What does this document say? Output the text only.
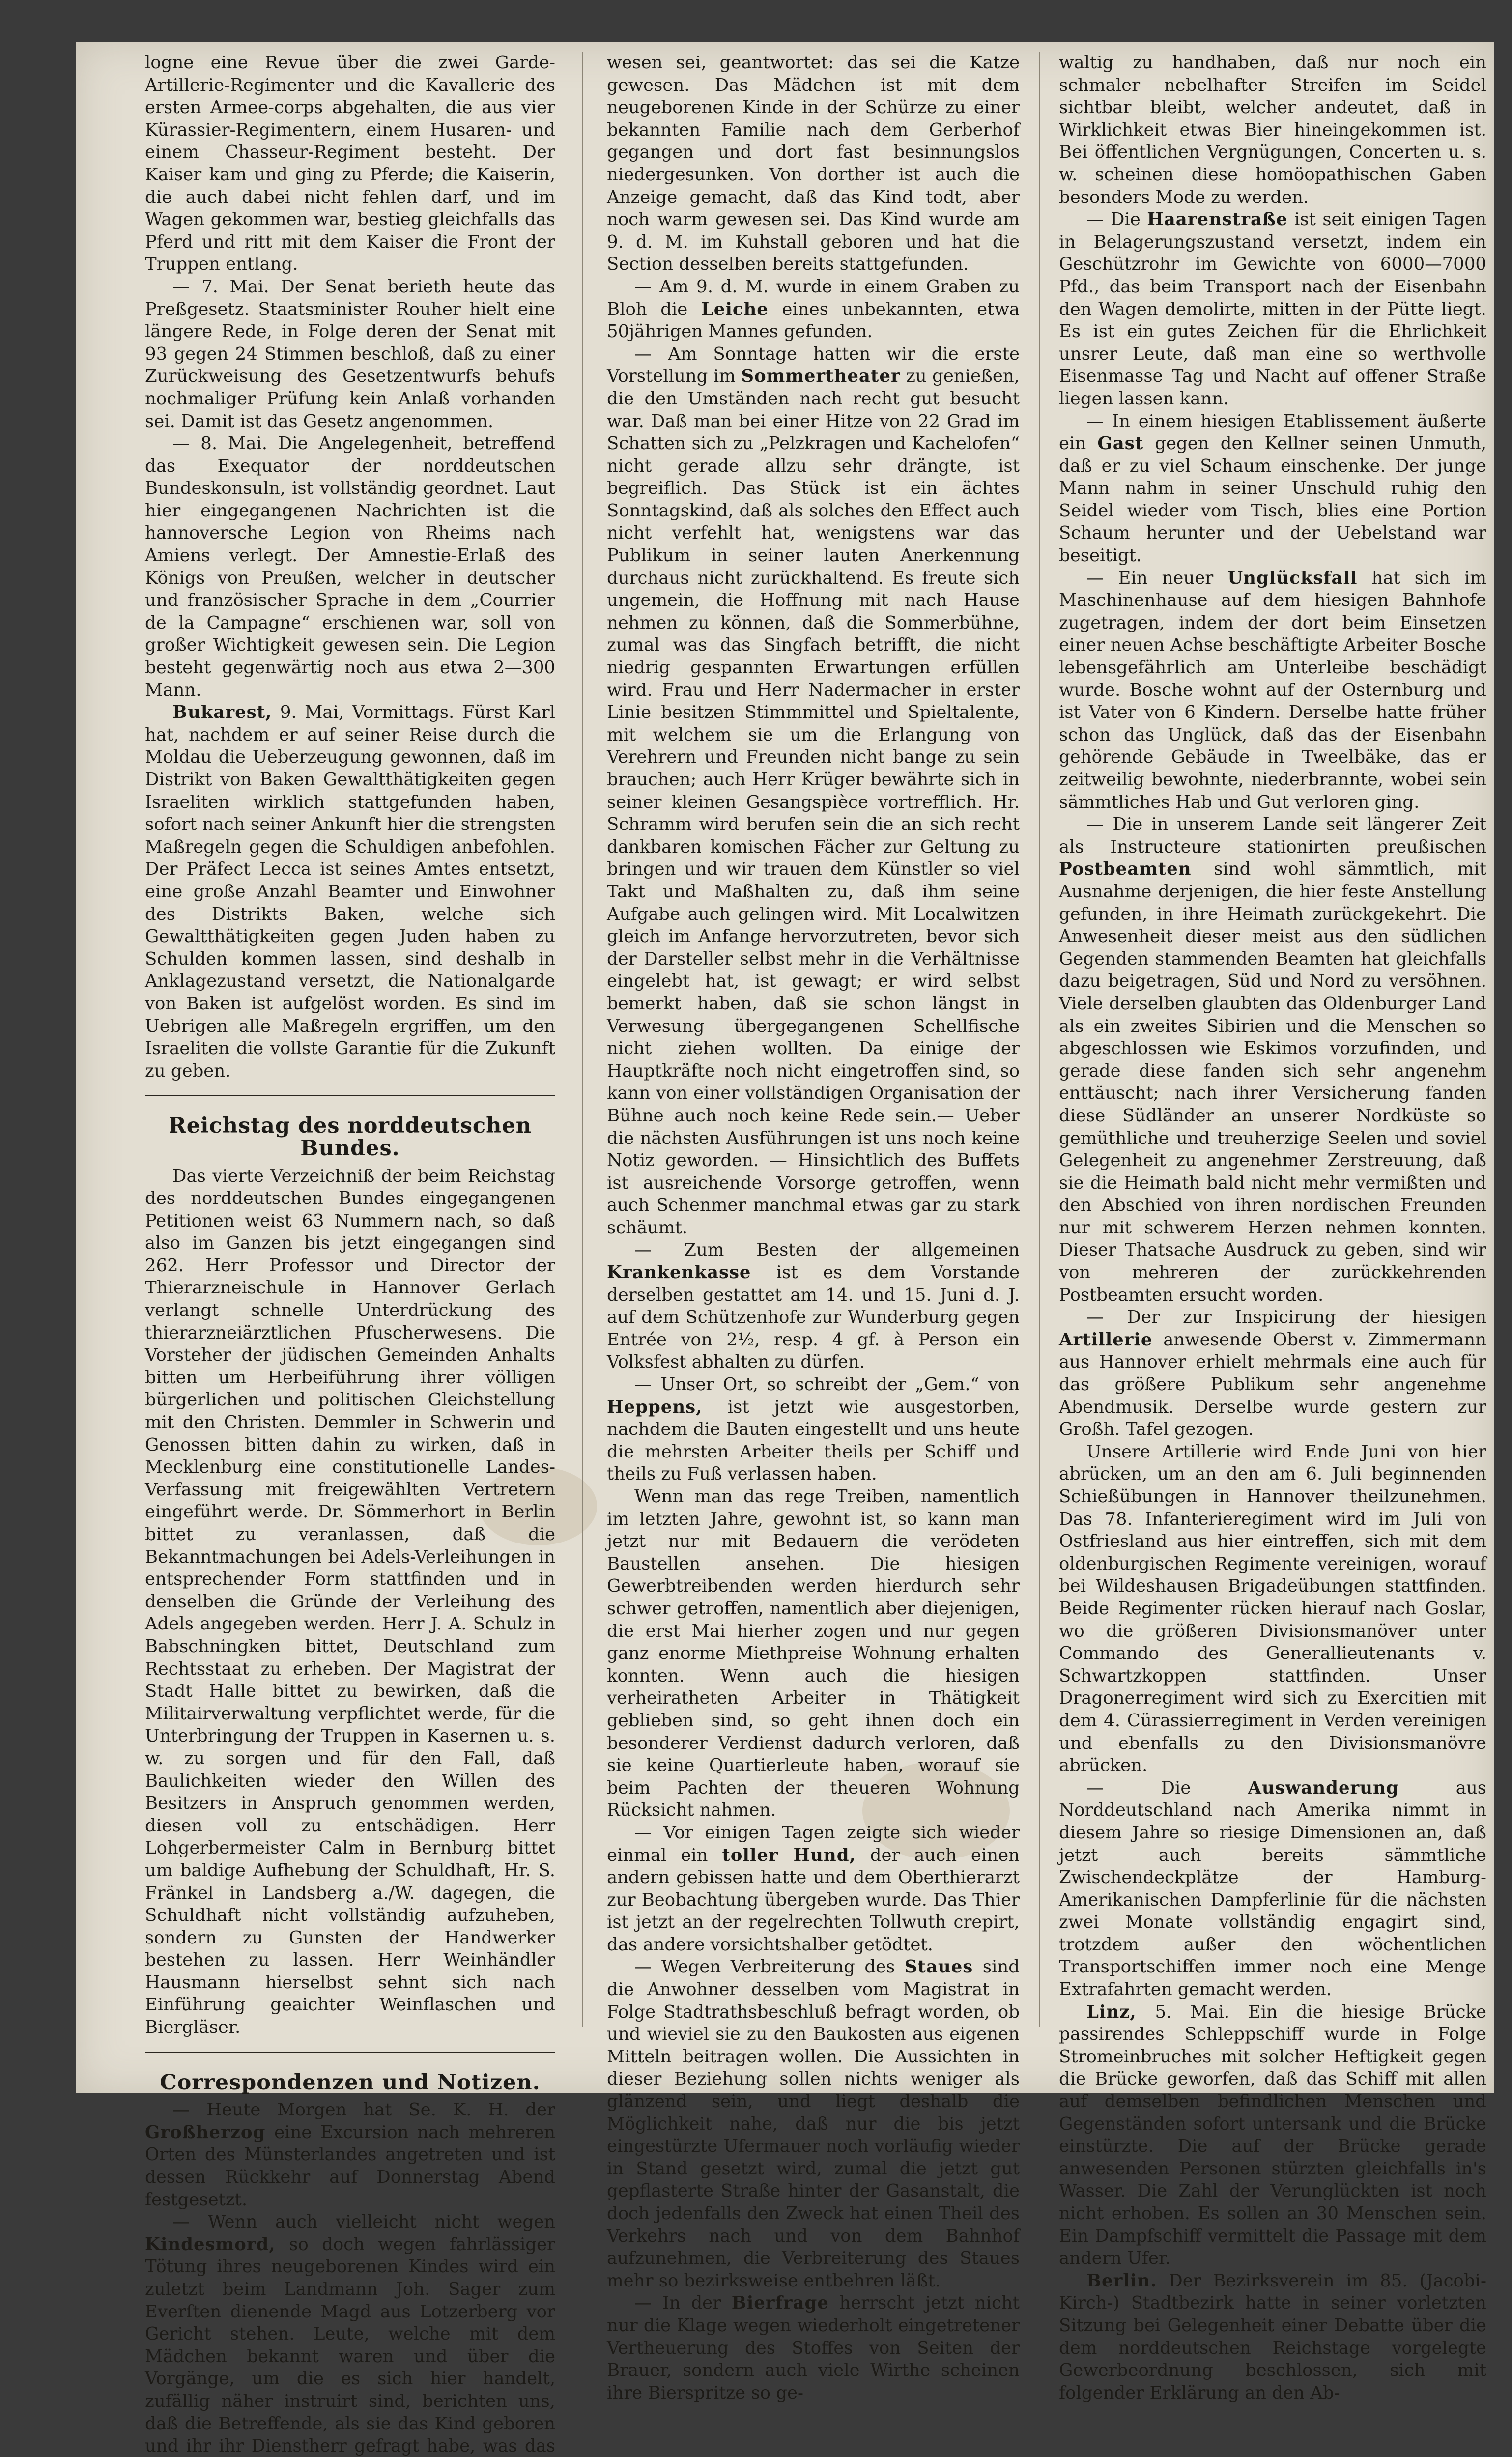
logne eine Revue über die zwei Garde-Artillerie-Regimenter und die Kavallerie des ersten Armee-corps abgehalten, die aus vier Kürassier-Regimentern, einem Husaren- und einem Chasseur-Regiment besteht. Der Kaiser kam und ging zu Pferde; die Kaiserin, die auch dabei nicht fehlen darf, und im Wagen gekommen war, bestieg gleichfalls das Pferd und ritt mit dem Kaiser die Front der Truppen entlang.

— 7. Mai. Der Senat berieth heute das Preßgesetz. Staatsminister Rouher hielt eine längere Rede, in Folge deren der Senat mit 93 gegen 24 Stimmen beschloß, daß zu einer Zurückweisung des Gesetzentwurfs behufs nochmaliger Prüfung kein Anlaß vorhanden sei. Damit ist das Gesetz angenommen.

— 8. Mai. Die Angelegenheit, betreffend das Exequator der norddeutschen Bundeskonsuln, ist vollständig geordnet. Laut hier eingegangenen Nachrichten ist die hannoversche Legion von Rheims nach Amiens verlegt. Der Amnestie-Erlaß des Königs von Preußen, welcher in deutscher und französischer Sprache in dem „Courrier de la Campagne“ erschienen war, soll von großer Wichtigkeit gewesen sein. Die Legion besteht gegenwärtig noch aus etwa 2—300 Mann.

Bukarest, 9. Mai, Vormittags. Fürst Karl hat, nachdem er auf seiner Reise durch die Moldau die Ueberzeugung gewonnen, daß im Distrikt von Baken Gewaltthätigkeiten gegen Israeliten wirklich stattgefunden haben, sofort nach seiner Ankunft hier die strengsten Maßregeln gegen die Schuldigen anbefohlen. Der Präfect Lecca ist seines Amtes entsetzt, eine große Anzahl Beamter und Einwohner des Distrikts Baken, welche sich Gewaltthätigkeiten gegen Juden haben zu Schulden kommen lassen, sind deshalb in Anklagezustand versetzt, die Nationalgarde von Baken ist aufgelöst worden. Es sind im Uebrigen alle Maßregeln ergriffen, um den Israeliten die vollste Garantie für die Zukunft zu geben.

Reichstag des norddeutschen Bundes.

Das vierte Verzeichniß der beim Reichstag des norddeutschen Bundes eingegangenen Petitionen weist 63 Nummern nach, so daß also im Ganzen bis jetzt eingegangen sind 262. Herr Professor und Director der Thierarzneischule in Hannover Gerlach verlangt schnelle Unterdrückung des thierarzneiärztlichen Pfuscherwesens. Die Vorsteher der jüdischen Gemeinden Anhalts bitten um Herbeiführung ihrer völligen bürgerlichen und politischen Gleichstellung mit den Christen. Demmler in Schwerin und Genossen bitten dahin zu wirken, daß in Mecklenburg eine constitutionelle Landes-Verfassung mit freigewählten Vertretern eingeführt werde. Dr. Sömmerhort in Berlin bittet zu veranlassen, daß die Bekanntmachungen bei Adels-Verleihungen in entsprechender Form stattfinden und in denselben die Gründe der Verleihung des Adels angegeben werden. Herr J. A. Schulz in Babschningken bittet, Deutschland zum Rechtsstaat zu erheben. Der Magistrat der Stadt Halle bittet zu bewirken, daß die Militairverwaltung verpflichtet werde, für die Unterbringung der Truppen in Kasernen u. s. w. zu sorgen und für den Fall, daß Baulichkeiten wieder den Willen des Besitzers in Anspruch genommen werden, diesen voll zu entschädigen. Herr Lohgerbermeister Calm in Bernburg bittet um baldige Aufhebung der Schuldhaft, Hr. S. Fränkel in Landsberg a./W. dagegen, die Schuldhaft nicht vollständig aufzuheben, sondern zu Gunsten der Handwerker bestehen zu lassen. Herr Weinhändler Hausmann hierselbst sehnt sich nach Einführung geaichter Weinflaschen und Biergläser.

Correspondenzen und Notizen.

— Heute Morgen hat Se. K. H. der Großherzog eine Excursion nach mehreren Orten des Münsterlandes angetreten und ist dessen Rückkehr auf Donnerstag Abend festgesetzt.

— Wenn auch vielleicht nicht wegen Kindesmord, so doch wegen fahrlässiger Tötung ihres neugeborenen Kindes wird ein zuletzt beim Landmann Joh. Sager zum Everſten dienende Magd aus Lotzerberg vor Gericht stehen. Leute, welche mit dem Mädchen bekannt waren und über die Vorgänge, um die es sich hier handelt, zufällig näher instruirt sind, berichten uns, daß die Betreffende, als sie das Kind geboren und ihr ihr Dienstherr gefragt habe, was das

wesen sei, geantwortet: das sei die Katze gewesen. Das Mädchen ist mit dem neugeborenen Kinde in der Schürze zu einer bekannten Familie nach dem Gerberhof gegangen und dort fast besinnungslos niedergesunken. Von dorther ist auch die Anzeige gemacht, daß das Kind todt, aber noch warm gewesen sei. Das Kind wurde am 9. d. M. im Kuhstall geboren und hat die Section desselben bereits stattgefunden.

— Am 9. d. M. wurde in einem Graben zu Bloh die Leiche eines unbekannten, etwa 50jährigen Mannes gefunden.

— Am Sonntage hatten wir die erste Vorstellung im Sommertheater zu genießen, die den Umständen nach recht gut besucht war. Daß man bei einer Hitze von 22 Grad im Schatten sich zu „Pelzkragen und Kachelofen“ nicht gerade allzu sehr drängte, ist begreiflich. Das Stück ist ein ächtes Sonntagskind, daß als solches den Effect auch nicht verfehlt hat, wenigstens war das Publikum in seiner lauten Anerkennung durchaus nicht zurückhaltend. Es freute sich ungemein, die Hoffnung mit nach Hause nehmen zu können, daß die Sommerbühne, zumal was das Singfach betrifft, die nicht niedrig gespannten Erwartungen erfüllen wird. Frau und Herr Nadermacher in erster Linie besitzen Stimmmittel und Spieltalente, mit welchem sie um die Erlangung von Verehrern und Freunden nicht bange zu sein brauchen; auch Herr Krüger bewährte sich in seiner kleinen Gesangspièce vortrefflich. Hr. Schramm wird berufen sein die an sich recht dankbaren komischen Fächer zur Geltung zu bringen und wir trauen dem Künstler so viel Takt und Maßhalten zu, daß ihm seine Aufgabe auch gelingen wird. Mit Localwitzen gleich im Anfange hervorzutreten, bevor sich der Darsteller selbst mehr in die Verhältnisse eingelebt hat, ist gewagt; er wird selbst bemerkt haben, daß sie schon längst in Verwesung übergegangenen Schellfische nicht ziehen wollten. Da einige der Hauptkräfte noch nicht eingetroffen sind, so kann von einer vollständigen Organisation der Bühne auch noch keine Rede sein.— Ueber die nächsten Ausführungen ist uns noch keine Notiz geworden. — Hinsichtlich des Buffets ist ausreichende Vorsorge getroffen, wenn auch Schenmer manchmal etwas gar zu stark schäumt.

— Zum Besten der allgemeinen Krankenkasse ist es dem Vorstande derselben gestattet am 14. und 15. Juni d. J. auf dem Schützenhofe zur Wunderburg gegen Entrée von 2½, resp. 4 gf. à Person ein Volksfest abhalten zu dürfen.

— Unser Ort, so schreibt der „Gem.“ von Heppens, ist jetzt wie ausgestorben, nachdem die Bauten eingestellt und uns heute die mehrsten Arbeiter theils per Schiff und theils zu Fuß verlassen haben.

Wenn man das rege Treiben, namentlich im letzten Jahre, gewohnt ist, so kann man jetzt nur mit Bedauern die verödeten Baustellen ansehen. Die hiesigen Gewerbtreibenden werden hierdurch sehr schwer getroffen, namentlich aber diejenigen, die erst Mai hierher zogen und nur gegen ganz enorme Miethpreise Wohnung erhalten konnten. Wenn auch die hiesigen verheiratheten Arbeiter in Thätigkeit geblieben sind, so geht ihnen doch ein besonderer Verdienst dadurch verloren, daß sie keine Quartierleute haben, worauf sie beim Pachten der theueren Wohnung Rücksicht nahmen.

— Vor einigen Tagen zeigte sich wieder einmal ein toller Hund, der auch einen andern gebissen hatte und dem Oberthierarzt zur Beobachtung übergeben wurde. Das Thier ist jetzt an der regelrechten Tollwuth crepirt, das andere vorsichtshalber getödtet.

— Wegen Verbreiterung des Staues sind die Anwohner desselben vom Magistrat in Folge Stadtrathsbeschluß befragt worden, ob und wieviel sie zu den Baukosten aus eigenen Mitteln beitragen wollen. Die Aussichten in dieser Beziehung sollen nichts weniger als glänzend sein, und liegt deshalb die Möglichkeit nahe, daß nur die bis jetzt eingestürzte Ufermauer noch vorläufig wieder in Stand gesetzt wird, zumal die jetzt gut gepflasterte Straße hinter der Gasanstalt, die doch jedenfalls den Zweck hat einen Theil des Verkehrs nach und von dem Bahnhof aufzunehmen, die Verbreiterung des Staues mehr so bezirksweise entbehren läßt.

— In der Bierfrage herrscht jetzt nicht nur die Klage wegen wiederholt eingetretener Vertheuerung des Stoffes von Seiten der Brauer, sondern auch viele Wirthe scheinen ihre Bierspritze so ge-

waltig zu handhaben, daß nur noch ein schmaler nebelhafter Streifen im Seidel sichtbar bleibt, welcher andeutet, daß in Wirklichkeit etwas Bier hineingekommen ist. Bei öffentlichen Vergnügungen, Concerten u. s. w. scheinen diese homöopathischen Gaben besonders Mode zu werden.

— Die Haarenstraße ist seit einigen Tagen in Belagerungszustand versetzt, indem ein Geschützrohr im Gewichte von 6000—7000 Pfd., das beim Transport nach der Eisenbahn den Wagen demolirte, mitten in der Pütte liegt. Es ist ein gutes Zeichen für die Ehrlichkeit unsrer Leute, daß man eine so werthvolle Eisenmasse Tag und Nacht auf offener Straße liegen lassen kann.

— In einem hiesigen Etablissement äußerte ein Gast gegen den Kellner seinen Unmuth, daß er zu viel Schaum einschenke. Der junge Mann nahm in seiner Unschuld ruhig den Seidel wieder vom Tisch, blies eine Portion Schaum herunter und der Uebelstand war beseitigt.

— Ein neuer Unglücksfall hat sich im Maschinenhause auf dem hiesigen Bahnhofe zugetragen, indem der dort beim Einsetzen einer neuen Achse beschäftigte Arbeiter Bosche lebensgefährlich am Unterleibe beschädigt wurde. Bosche wohnt auf der Osternburg und ist Vater von 6 Kindern. Derselbe hatte früher schon das Unglück, daß das der Eisenbahn gehörende Gebäude in Tweelbäke, das er zeitweilig bewohnte, niederbrannte, wobei sein sämmtliches Hab und Gut verloren ging.

— Die in unserem Lande seit längerer Zeit als Instructeure stationirten preußischen Postbeamten sind wohl sämmtlich, mit Ausnahme derjenigen, die hier feste Anstellung gefunden, in ihre Heimath zurückgekehrt. Die Anwesenheit dieser meist aus den südlichen Gegenden stammenden Beamten hat gleichfalls dazu beigetragen, Süd und Nord zu versöhnen. Viele derselben glaubten das Oldenburger Land als ein zweites Sibirien und die Menschen so abgeschlossen wie Eskimos vorzufinden, und gerade diese fanden sich sehr angenehm enttäuscht; nach ihrer Versicherung fanden diese Südländer an unserer Nordküste so gemüthliche und treuherzige Seelen und soviel Gelegenheit zu angenehmer Zerstreuung, daß sie die Heimath bald nicht mehr vermißten und den Abschied von ihren nordischen Freunden nur mit schwerem Herzen nehmen konnten. Dieser Thatsache Ausdruck zu geben, sind wir von mehreren der zurückkehrenden Postbeamten ersucht worden.

— Der zur Inspicirung der hiesigen Artillerie anwesende Oberst v. Zimmermann aus Hannover erhielt mehrmals eine auch für das größere Publikum sehr angenehme Abendmusik. Derselbe wurde gestern zur Großh. Tafel gezogen.

Unsere Artillerie wird Ende Juni von hier abrücken, um an den am 6. Juli beginnenden Schießübungen in Hannover theilzunehmen. Das 78. Infanterieregiment wird im Juli von Ostfriesland aus hier eintreffen, sich mit dem oldenburgischen Regimente vereinigen, worauf bei Wildeshausen Brigadeübungen stattfinden. Beide Regimenter rücken hierauf nach Goslar, wo die größeren Divisionsmanöver unter Commando des Generallieutenants v. Schwartzkoppen stattfinden. Unser Dragonerregiment wird sich zu Exercitien mit dem 4. Cürassierregiment in Verden vereinigen und ebenfalls zu den Divisionsmanövre abrücken.

— Die Auswanderung aus Norddeutschland nach Amerika nimmt in diesem Jahre so riesige Dimensionen an, daß jetzt auch bereits sämmtliche Zwischendeckplätze der Hamburg-Amerikanischen Dampferlinie für die nächsten zwei Monate vollständig engagirt sind, trotzdem außer den wöchentlichen Transportschiffen immer noch eine Menge Extrafahrten gemacht werden.

Linz, 5. Mai. Ein die hiesige Brücke passirendes Schleppschiff wurde in Folge Stromeinbruches mit solcher Heftigkeit gegen die Brücke geworfen, daß das Schiff mit allen auf demselben befindlichen Menschen und Gegenständen sofort untersank und die Brücke einstürzte. Die auf der Brücke gerade anwesenden Personen stürzten gleichfalls in's Wasser. Die Zahl der Verunglückten ist noch nicht erhoben. Es sollen an 30 Menschen sein. Ein Dampfschiff vermittelt die Passage mit dem andern Ufer.

Berlin. Der Bezirksverein im 85. (Jacobi-Kirch-) Stadtbezirk hatte in seiner vorletzten Sitzung bei Gelegenheit einer Debatte über die dem norddeutschen Reichstage vorgelegte Gewerbeordnung beschlossen, sich mit folgender Erklärung an den Ab-
